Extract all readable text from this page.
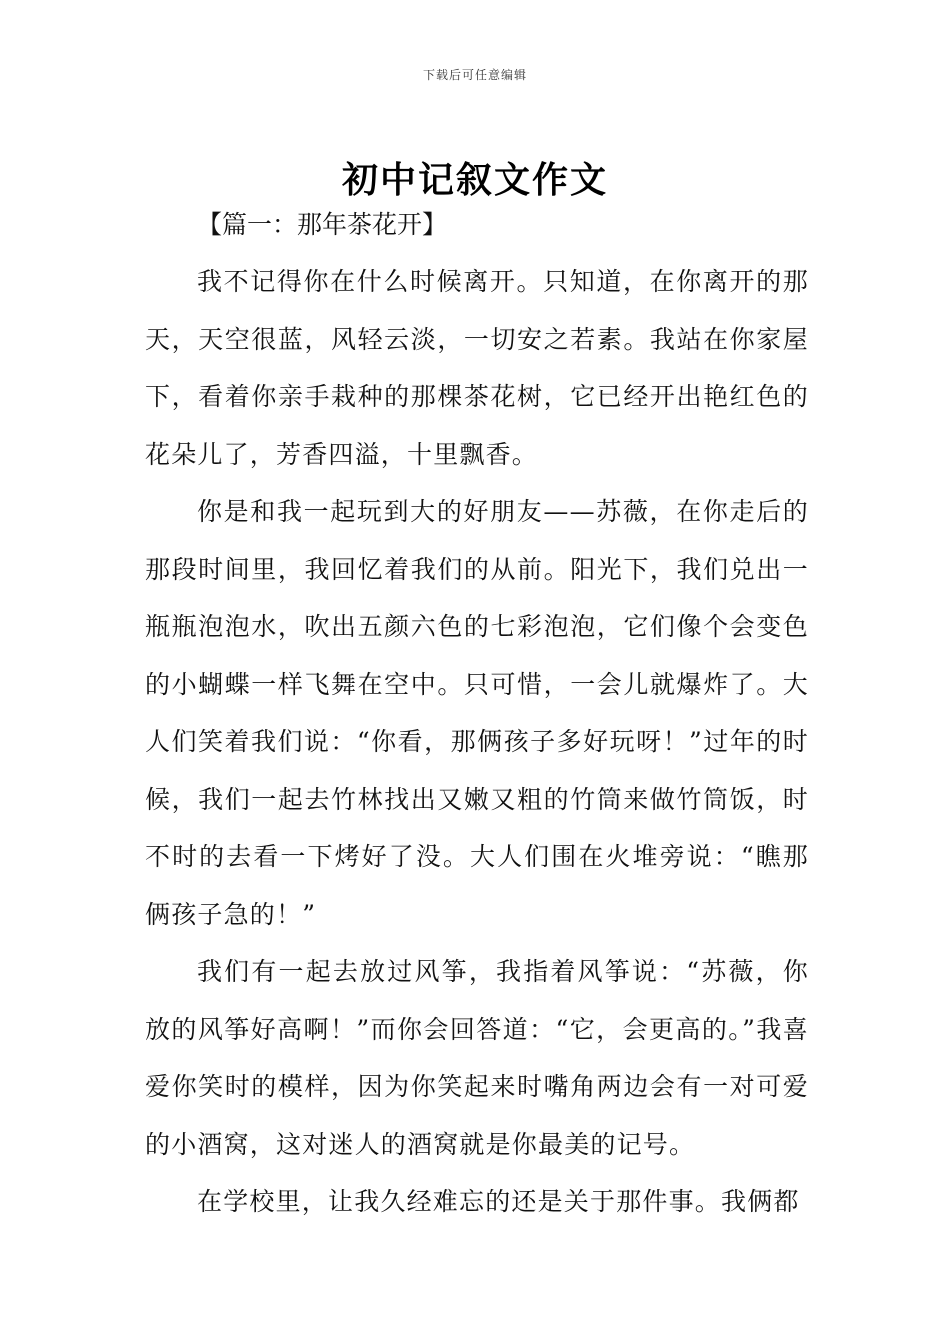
下载后可任意编辑
初中记叙文作文

【篇一：那年茶花开】

我不记得你在什么时候离开。只知道，在你离开的那天，天空很蓝，风轻云淡，一切安之若素。我站在你家屋下，看着你亲手栽种的那棵茶花树，它已经开出艳红色的花朵儿了，芳香四溢，十里飘香。

你是和我一起玩到大的好朋友——苏薇，在你走后的那段时间里，我回忆着我们的从前。阳光下，我们兑出一瓶瓶泡泡水，吹出五颜六色的七彩泡泡，它们像个会变色的小蝴蝶一样飞舞在空中。只可惜，一会儿就爆炸了。大人们笑着我们说：“你看，那俩孩子多好玩呀！”过年的时候，我们一起去竹林找出又嫩又粗的竹筒来做竹筒饭，时不时的去看一下烤好了没。大人们围在火堆旁说：“瞧那俩孩子急的！”

我们有一起去放过风筝，我指着风筝说：“苏薇，你放的风筝好高啊！”而你会回答道：“它，会更高的。”我喜爱你笑时的模样，因为你笑起来时嘴角两边会有一对可爱的小酒窝，这对迷人的酒窝就是你最美的记号。

在学校里，让我久经难忘的还是关于那件事。我俩都
